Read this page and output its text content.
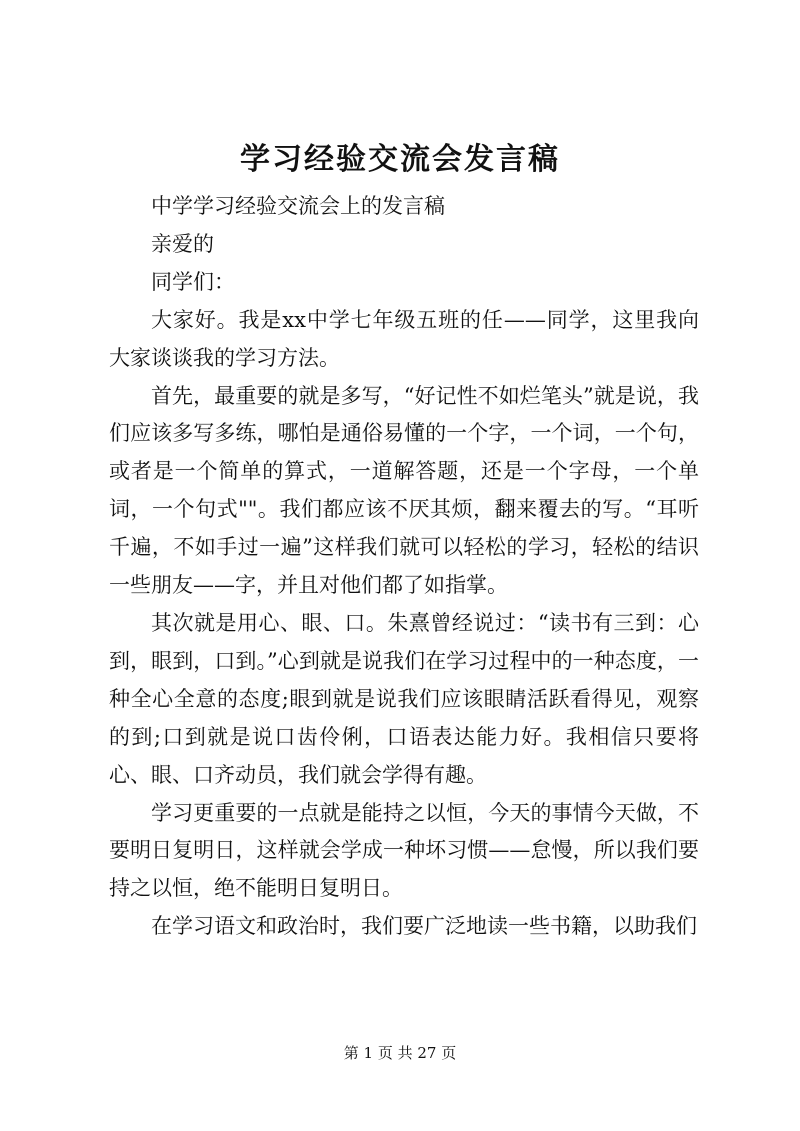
学习经验交流会发言稿

中学学习经验交流会上的发言稿

亲爱的

同学们：

大家好。我是xx中学七年级五班的任——同学，这里我向大家谈谈我的学习方法。

首先，最重要的就是多写，“好记性不如烂笔头”就是说，我们应该多写多练，哪怕是通俗易懂的一个字，一个词，一个句，或者是一个简单的算式，一道解答题，还是一个字母，一个单词，一个句式""。我们都应该不厌其烦，翻来覆去的写。“耳听千遍，不如手过一遍”这样我们就可以轻松的学习，轻松的结识一些朋友——字，并且对他们都了如指掌。

其次就是用心、眼、口。朱熹曾经说过：“读书有三到：心到，眼到，口到。”心到就是说我们在学习过程中的一种态度，一种全心全意的态度;眼到就是说我们应该眼睛活跃看得见，观察的到;口到就是说口齿伶俐，口语表达能力好。我相信只要将心、眼、口齐动员，我们就会学得有趣。

学习更重要的一点就是能持之以恒，今天的事情今天做，不要明日复明日，这样就会学成一种坏习惯——怠慢，所以我们要持之以恒，绝不能明日复明日。

在学习语文和政治时，我们要广泛地读一些书籍，以助我们

第 1 页 共 27 页
